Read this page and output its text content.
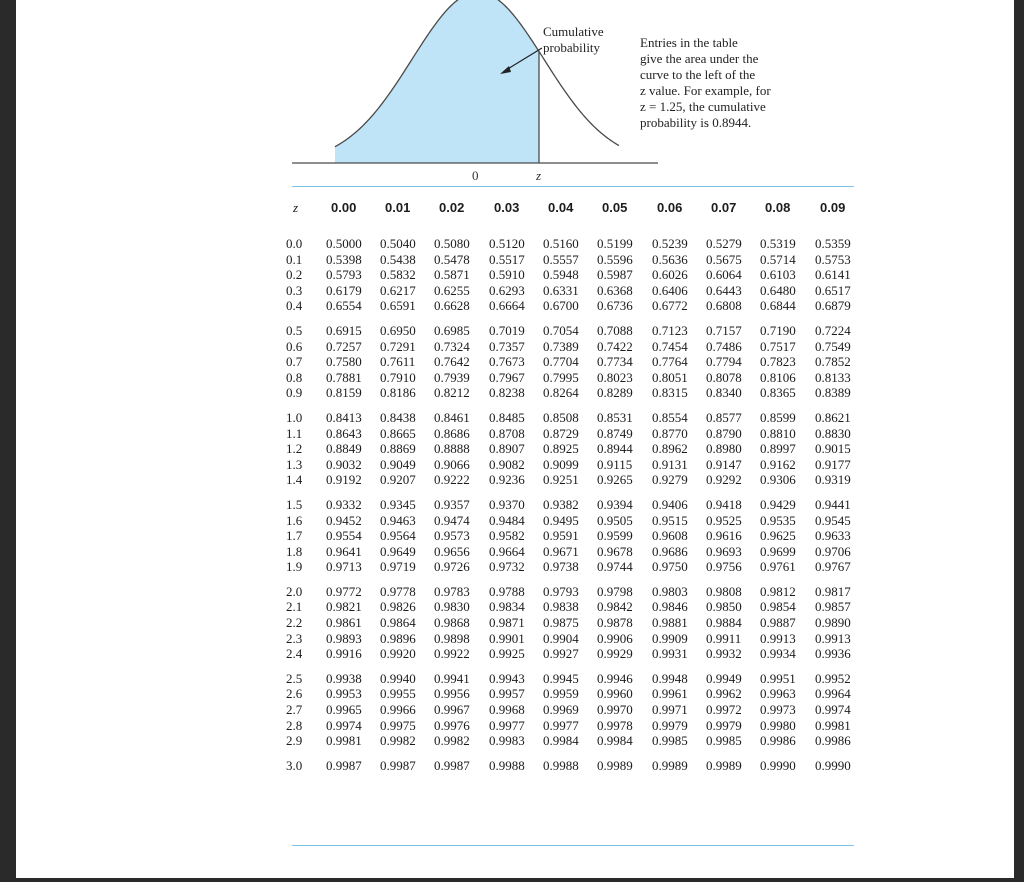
Cumulative
probability	Entries in the table
give the area under the
curve to the left of the
z value. For example, for
z = 1.25, the cumulative
probability is 0.8944.
0	z
z	0.00 0.01 0.02 0.03 0.04 0.05 0.06 0.07 0.08 0.09
0.0 0.5000 0.5040 0.5080 0.5120 0.5160 0.5199 0.5239 0.5279 0.5319 0.5359
0.1 0.5398 0.5438 0.5478 0.5517 0.5557 0.5596 0.5636 0.5675 0.5714 0.5753
0.2 0.5793 0.5832 0.5871 0.5910 0.5948 0.5987 0.6026 0.6064 0.6103 0.6141
0.3 0.6179 0.6217 0.6255 0.6293 0.6331 0.6368 0.6406 0.6443 0.6480 0.6517
0.4 0.6554 0.6591 0.6628 0.6664 0.6700 0.6736 0.6772 0.6808 0.6844 0.6879
0.5 0.6915 0.6950 0.6985 0.7019 0.7054 0.7088 0.7123 0.7157 0.7190 0.7224
0.6 0.7257 0.7291 0.7324 0.7357 0.7389 0.7422 0.7454 0.7486 0.7517 0.7549
0.7 0.7580 0.7611 0.7642 0.7673 0.7704 0.7734 0.7764 0.7794 0.7823 0.7852
0.8 0.7881 0.7910 0.7939 0.7967 0.7995 0.8023 0.8051 0.8078 0.8106 0.8133
0.9 0.8159 0.8186 0.8212 0.8238 0.8264 0.8289 0.8315 0.8340 0.8365 0.8389
1.0 0.8413 0.8438 0.8461 0.8485 0.8508 0.8531 0.8554 0.8577 0.8599 0.8621
1.1 0.8643 0.8665 0.8686 0.8708 0.8729 0.8749 0.8770 0.8790 0.8810 0.8830
1.2 0.8849 0.8869 0.8888 0.8907 0.8925 0.8944 0.8962 0.8980 0.8997 0.9015
1.3 0.9032 0.9049 0.9066 0.9082 0.9099 0.9115 0.9131 0.9147 0.9162 0.9177
1.4 0.9192 0.9207 0.9222 0.9236 0.9251 0.9265 0.9279 0.9292 0.9306 0.9319
1.5 0.9332 0.9345 0.9357 0.9370 0.9382 0.9394 0.9406 0.9418 0.9429 0.9441
1.6 0.9452 0.9463 0.9474 0.9484 0.9495 0.9505 0.9515 0.9525 0.9535 0.9545
1.7 0.9554 0.9564 0.9573 0.9582 0.9591 0.9599 0.9608 0.9616 0.9625 0.9633
1.8 0.9641 0.9649 0.9656 0.9664 0.9671 0.9678 0.9686 0.9693 0.9699 0.9706
1.9 0.9713 0.9719 0.9726 0.9732 0.9738 0.9744 0.9750 0.9756 0.9761 0.9767
2.0 0.9772 0.9778 0.9783 0.9788 0.9793 0.9798 0.9803 0.9808 0.9812 0.9817
2.1 0.9821 0.9826 0.9830 0.9834 0.9838 0.9842 0.9846 0.9850 0.9854 0.9857
2.2 0.9861 0.9864 0.9868 0.9871 0.9875 0.9878 0.9881 0.9884 0.9887 0.9890
2.3 0.9893 0.9896 0.9898 0.9901 0.9904 0.9906 0.9909 0.9911 0.9913 0.9913
2.4 0.9916 0.9920 0.9922 0.9925 0.9927 0.9929 0.9931 0.9932 0.9934 0.9936
2.5 0.9938 0.9940 0.9941 0.9943 0.9945 0.9946 0.9948 0.9949 0.9951 0.9952
2.6 0.9953 0.9955 0.9956 0.9957 0.9959 0.9960 0.9961 0.9962 0.9963 0.9964
2.7 0.9965 0.9966 0.9967 0.9968 0.9969 0.9970 0.9971 0.9972 0.9973 0.9974
2.8 0.9974 0.9975 0.9976 0.9977 0.9977 0.9978 0.9979 0.9979 0.9980 0.9981
2.9 0.9981 0.9982 0.9982 0.9983 0.9984 0.9984 0.9985 0.9985 0.9986 0.9986
3.0 0.9987 0.9987 0.9987 0.9988 0.9988 0.9989 0.9989 0.9989 0.9990 0.9990
